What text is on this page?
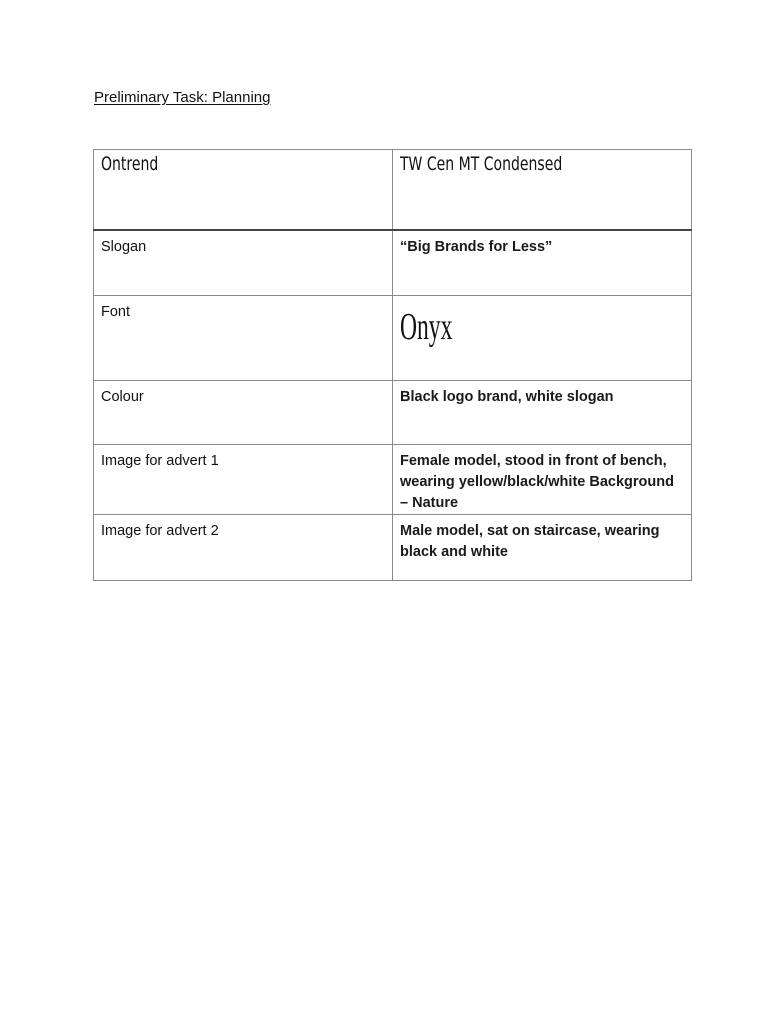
Preliminary Task: Planning
Ontrend	TW Cen MT Condensed
Slogan	“Big Brands for Less”
Font	Onyx
Colour	Black logo brand, white slogan
Image for advert 1	Female model, stood in front of bench, wearing yellow/black/white Background – Nature
Image for advert 2	Male model, sat on staircase, wearing black and white
